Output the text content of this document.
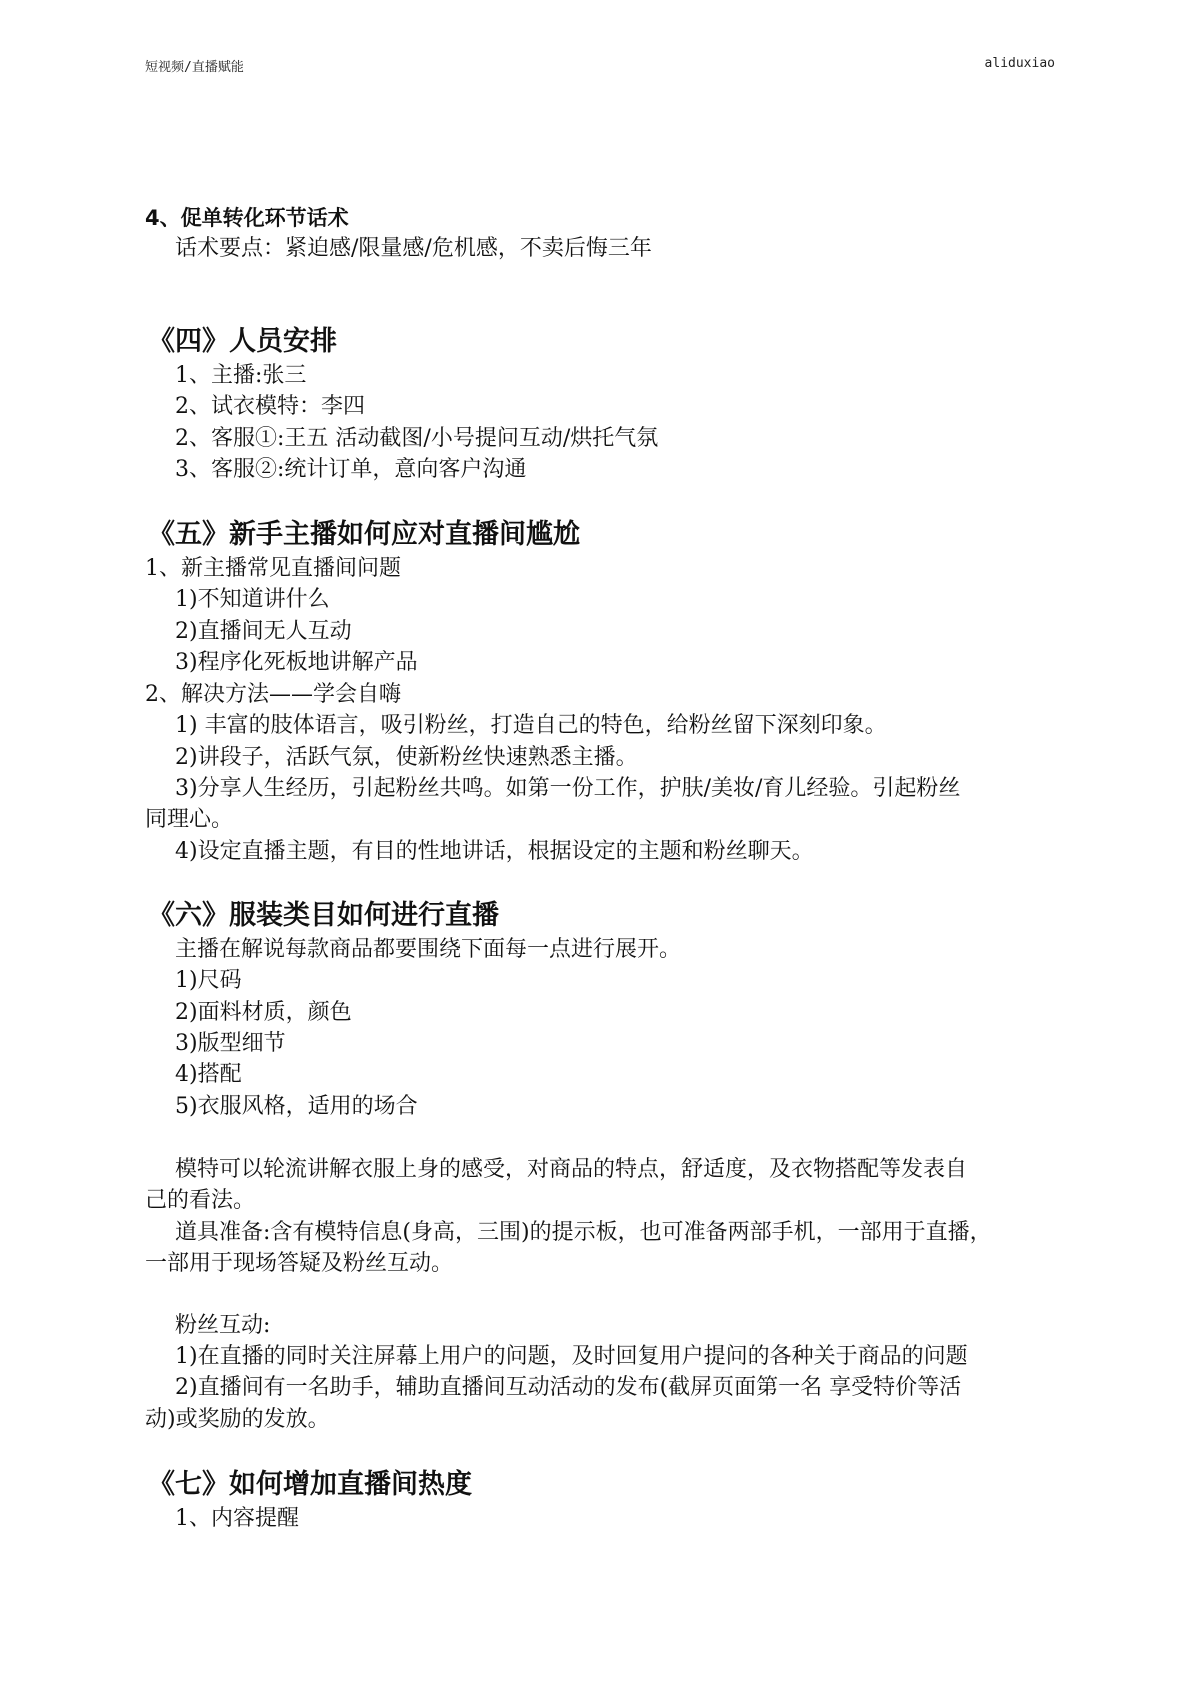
短视频/直播赋能	aliduxiao
4、促单转化环节话术
话术要点：紧迫感/限量感/危机感，不卖后悔三年
《四》人员安排
1、主播:张三
2、试衣模特：李四
2、客服①:王五 活动截图/小号提问互动/烘托气氛
3、客服②:统计订单，意向客户沟通
《五》新手主播如何应对直播间尴尬
1、新主播常见直播间问题
1)不知道讲什么
2)直播间无人互动
3)程序化死板地讲解产品
2、解决方法——学会自嗨
1) 丰富的肢体语言，吸引粉丝，打造自己的特色，给粉丝留下深刻印象。
2)讲段子，活跃气氛，使新粉丝快速熟悉主播。
3)分享人生经历，引起粉丝共鸣。如第一份工作，护肤/美妆/育儿经验。引起粉丝
同理心。
4)设定直播主题，有目的性地讲话，根据设定的主题和粉丝聊天。
《六》服装类目如何进行直播
主播在解说每款商品都要围绕下面每一点进行展开。
1)尺码
2)面料材质，颜色
3)版型细节
4)搭配
5)衣服风格，适用的场合
模特可以轮流讲解衣服上身的感受，对商品的特点，舒适度，及衣物搭配等发表自
己的看法。
道具准备:含有模特信息(身高，三围)的提示板，也可准备两部手机，一部用于直播，
一部用于现场答疑及粉丝互动。
粉丝互动:
1)在直播的同时关注屏幕上用户的问题，及时回复用户提问的各种关于商品的问题
2)直播间有一名助手，辅助直播间互动活动的发布(截屏页面第一名 享受特价等活
动)或奖励的发放。
《七》如何增加直播间热度
1、内容提醒
